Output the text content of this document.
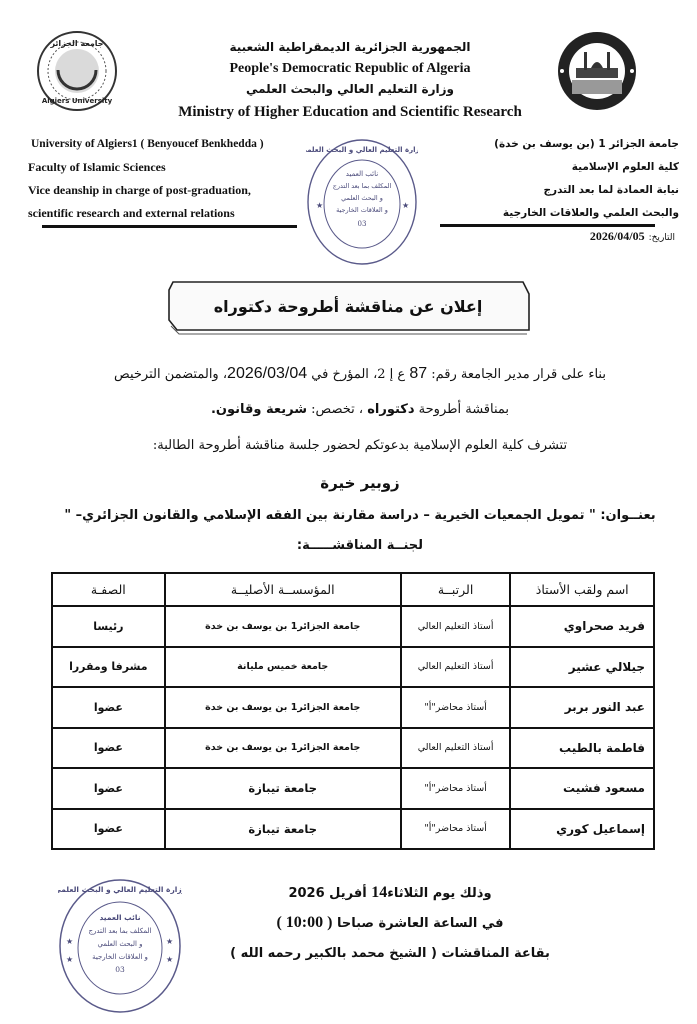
الجمهورية الجزائرية الديمقراطية الشعبية
People's Democratic Republic of Algeria
وزارة التعليم العالي والبحث العلمي
Ministry of Higher Education and Scientific Research
جامعة الجزائر
Algiers University
University of Algiers1 ( Benyoucef Benkhedda )
Faculty of Islamic Sciences
Vice deanship in charge of post-graduation,
scientific research and external relations
جامعة الجزائر 1 (بن يوسف بن خدة)
كلية العلوم الإسلامية
نيابة العمادة لما بعد التدرج
والبحث العلمي والعلاقات الخارجية
التاريخ:2026/04/05
نائب العميد
المكلف بما بعد التدرج
و البحث العلمي
و العلاقات الخارجية
03
وزارة التعليم العالي و البحث العلمي
★	★
إعلان عن مناقشة أطروحة دكتوراه
بناء على قرار مدير الجامعة رقم: 87 ع إ 2، المؤرخ في 2026/03/04، والمتضمن الترخيص
بمناقشة أطروحة دكتوراه ، تخصص: شريعة وقانون.
تتشرف كلية العلوم الإسلامية بدعوتكم لحضور جلسة مناقشة أطروحة الطالبة:
زوبير خيرة
بعنــوان: " تمويل الجمعيات الخيرية – دراسة مقارنة بين الفقه الإسلامي والقانون الجزائري– "
لجنــة المناقشـــــة:
اسم ولقب الأستاذ	الرتبــة	المؤسســة الأصليــة	الصفـة
فريد صحراوي	أستاذ التعليم العالي	جامعة الجزائر1 بن يوسف بن خدة	رئيسا
جيلالي عشير	أستاذ التعليم العالي	جامعة خميس مليانة	مشرفا ومقررا
عبد النور بربر	أستاذ محاضر"أ"	جامعة الجزائر1 بن يوسف بن خدة	عضوا
فاطمة بالطيب	أستاذ التعليم العالي	جامعة الجزائر1 بن يوسف بن خدة	عضوا
مسعود فشيت	أستاذ محاضر"أ"	جامعة تيبازة	عضوا
إسماعيل كوري	أستاذ محاضر"أ"	جامعة تيبازة	عضوا
وذلك يوم الثلاثاء14 أفريل 2026
في الساعة العاشرة صباحا ( 10:00 )
بقاعة المناقشات ( الشيخ محمد بالكبير رحمه الله )
وزارة التعليم العالي و البحث العلمي
نائب العميد
المكلف بما بعد التدرج
و البحث العلمي
و العلاقات الخارجية
03
★	★
★	★
